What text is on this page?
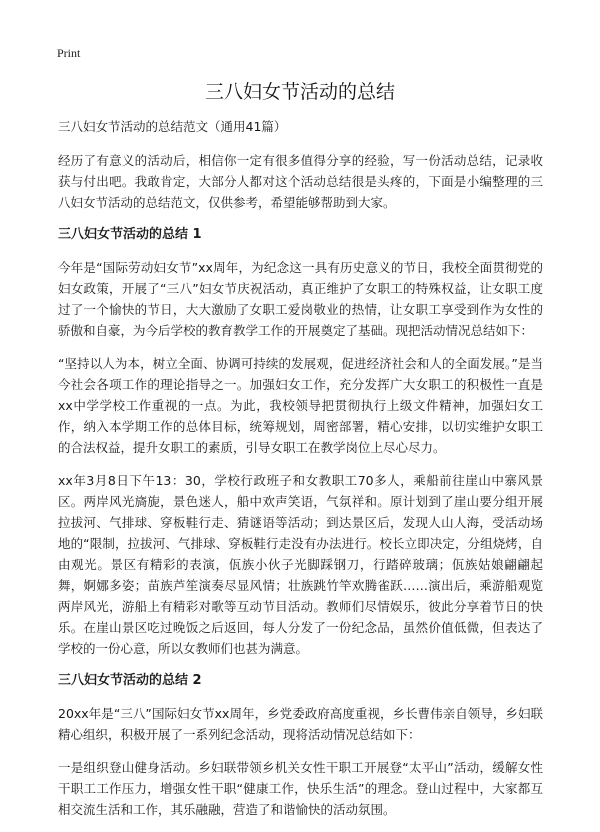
Print
三八妇女节活动的总结
三八妇女节活动的总结范文（通用41篇）

经历了有意义的活动后，相信你一定有很多值得分享的经验，写一份活动总结，记录收获与付出吧。我敢肯定，大部分人都对这个活动总结很是头疼的，下面是小编整理的三八妇女节活动的总结范文，仅供参考，希望能够帮助到大家。

三八妇女节活动的总结 1

今年是“国际劳动妇女节”xx周年，为纪念这一具有历史意义的节日，我校全面贯彻党的妇女政策，开展了“三八”妇女节庆祝活动，真正维护了女职工的特殊权益，让女职工度过了一个愉快的节日，大大激励了女职工爱岗敬业的热情，让女职工享受到作为女性的骄傲和自豪，为今后学校的教育教学工作的开展奠定了基础。现把活动情况总结如下：

“坚持以人为本，树立全面、协调可持续的发展观，促进经济社会和人的全面发展。”是当今社会各项工作的理论指导之一。加强妇女工作，充分发挥广大女职工的积极性一直是xx中学学校工作重视的一点。为此，我校领导把贯彻执行上级文件精神，加强妇女工作，纳入本学期工作的总体目标，统筹规划，周密部署，精心安排，以切实维护女职工的合法权益，提升女职工的素质，引导女职工在教学岗位上尽心尽力。

xx年3月8日下午13：30，学校行政班子和女教职工70多人，乘船前往崖山中寨风景区。两岸风光旖旎，景色迷人，船中欢声笑语，气氛祥和。原计划到了崖山要分组开展拉拔河、气排球、穿板鞋行走、猜谜语等活动；到达景区后，发现人山人海，受活动场地的“限制，拉拔河、气排球、穿板鞋行走没有办法进行。校长立即决定，分组烧烤，自由观光。景区有精彩的表演，佤族小伙子光脚踩钢刀，行踏碎玻璃；佤族姑娘翩翩起舞，婀娜多姿；苗族芦笙演奏尽显风情；壮族跳竹竿欢腾雀跃……演出后，乘游船观览两岸风光，游船上有精彩对歌等互动节目活动。教师们尽情娱乐，彼此分享着节日的快乐。在崖山景区吃过晚饭之后返回，每人分发了一份纪念品，虽然价值低微，但表达了学校的一份心意，所以女教师们也甚为满意。

三八妇女节活动的总结 2

20xx年是“三八”国际妇女节xx周年，乡党委政府高度重视，乡长曹伟亲自领导，乡妇联精心组织，积极开展了一系列纪念活动，现将活动情况总结如下：

一是组织登山健身活动。乡妇联带领乡机关女性干职工开展登“太平山”活动，缓解女性干职工工作压力，增强女性干职“健康工作，快乐生活”的理念。登山过程中，大家都互相交流生活和工作，其乐融融，营造了和谐愉快的活动氛围。
